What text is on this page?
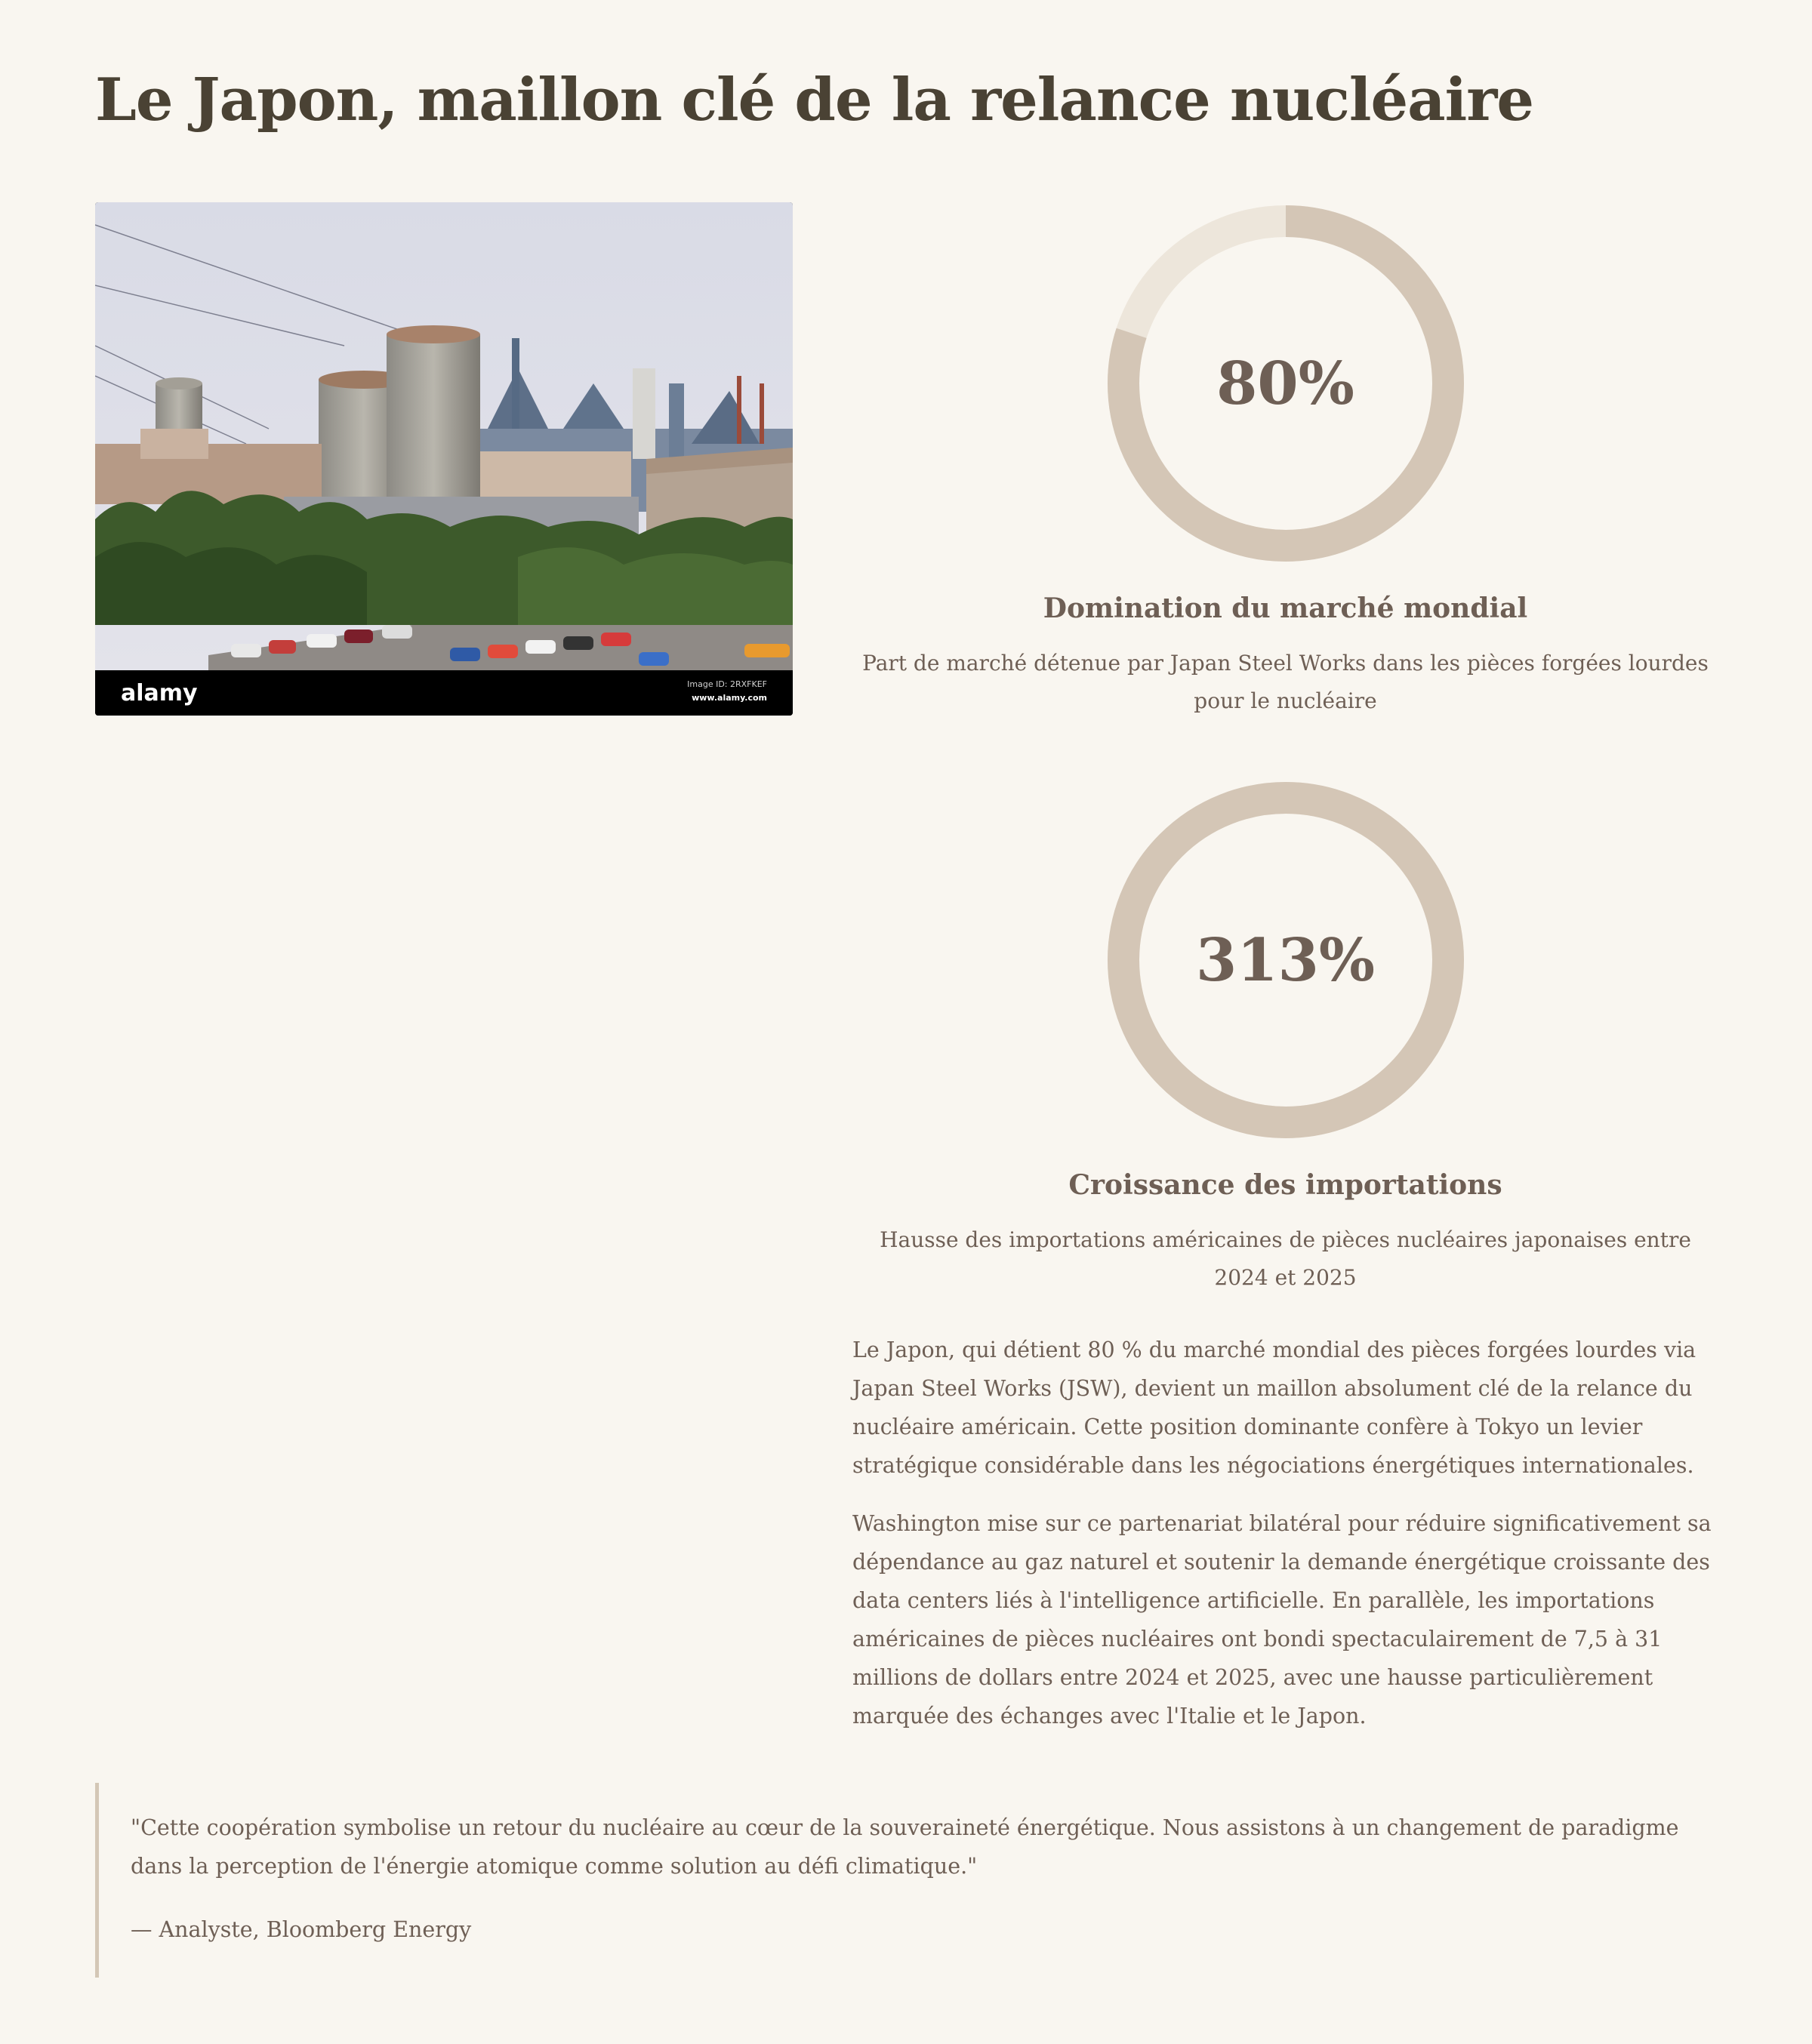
Le Japon, maillon clé de la relance nucléaire
alamy	Image ID: 2RXFKEF
www.alamy.com
80%
Domination du marché mondial

Part de marché détenue par Japan Steel Works dans les pièces forgées lourdes pour le nucléaire

313%
Croissance des importations

Hausse des importations américaines de pièces nucléaires japonaises entre 2024 et 2025

Le Japon, qui détient 80 % du marché mondial des pièces forgées lourdes via Japan Steel Works (JSW), devient un maillon absolument clé de la relance du nucléaire américain. Cette position dominante confère à Tokyo un levier stratégique considérable dans les négociations énergétiques internationales.

Washington mise sur ce partenariat bilatéral pour réduire significativement sa dépendance au gaz naturel et soutenir la demande énergétique croissante des data centers liés à l'intelligence artificielle. En parallèle, les importations américaines de pièces nucléaires ont bondi spectaculairement de 7,5 à 31 millions de dollars entre 2024 et 2025, avec une hausse particulièrement marquée des échanges avec l'Italie et le Japon.

"Cette coopération symbolise un retour du nucléaire au cœur de la souveraineté énergétique. Nous assistons à un changement de paradigme dans la perception de l'énergie atomique comme solution au défi climatique."

— Analyste, Bloomberg Energy
